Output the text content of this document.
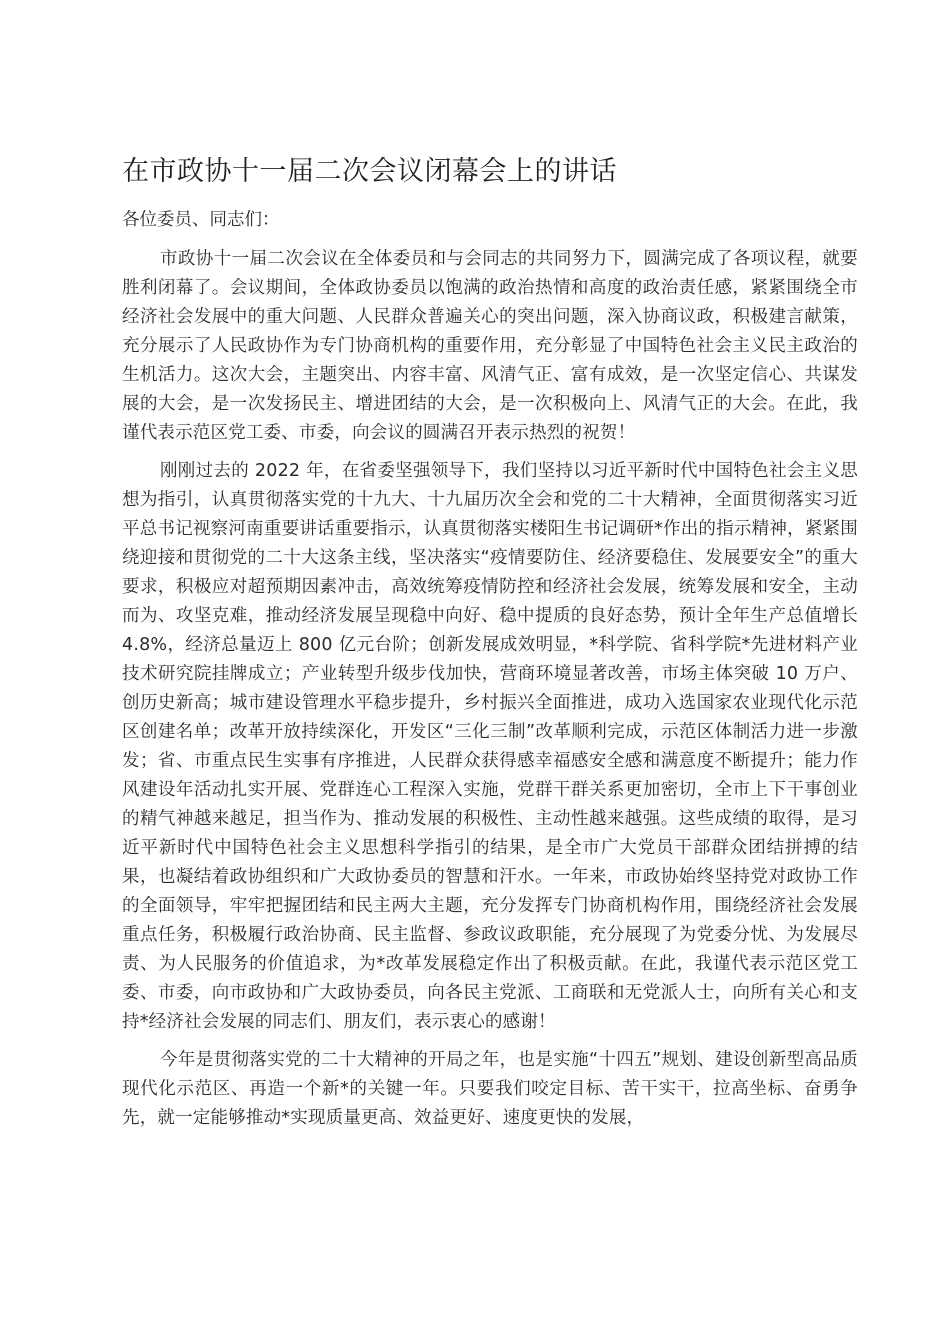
在市政协十一届二次会议闭幕会上的讲话

各位委员、同志们：

市政协十一届二次会议在全体委员和与会同志的共同努力下，圆满完成了各项议程，就要胜利闭幕了。会议期间，全体政协委员以饱满的政治热情和高度的政治责任感，紧紧围绕全市经济社会发展中的重大问题、人民群众普遍关心的突出问题，深入协商议政，积极建言献策，充分展示了人民政协作为专门协商机构的重要作用，充分彰显了中国特色社会主义民主政治的生机活力。这次大会，主题突出、内容丰富、风清气正、富有成效，是一次坚定信心、共谋发展的大会，是一次发扬民主、增进团结的大会，是一次积极向上、风清气正的大会。在此，我谨代表示范区党工委、市委，向会议的圆满召开表示热烈的祝贺！

刚刚过去的 2022 年，在省委坚强领导下，我们坚持以习近平新时代中国特色社会主义思想为指引，认真贯彻落实党的十九大、十九届历次全会和党的二十大精神，全面贯彻落实习近平总书记视察河南重要讲话重要指示，认真贯彻落实楼阳生书记调研*作出的指示精神，紧紧围绕迎接和贯彻党的二十大这条主线，坚决落实“疫情要防住、经济要稳住、发展要安全”的重大要求，积极应对超预期因素冲击，高效统筹疫情防控和经济社会发展，统筹发展和安全，主动而为、攻坚克难，推动经济发展呈现稳中向好、稳中提质的良好态势，预计全年生产总值增长 4.8%，经济总量迈上 800 亿元台阶；创新发展成效明显，*科学院、省科学院*先进材料产业技术研究院挂牌成立；产业转型升级步伐加快，营商环境显著改善，市场主体突破 10 万户、创历史新高；城市建设管理水平稳步提升，乡村振兴全面推进，成功入选国家农业现代化示范区创建名单；改革开放持续深化，开发区“三化三制”改革顺利完成，示范区体制活力进一步激发；省、市重点民生实事有序推进，人民群众获得感幸福感安全感和满意度不断提升；能力作风建设年活动扎实开展、党群连心工程深入实施，党群干群关系更加密切，全市上下干事创业的精气神越来越足，担当作为、推动发展的积极性、主动性越来越强。这些成绩的取得，是习近平新时代中国特色社会主义思想科学指引的结果，是全市广大党员干部群众团结拼搏的结果，也凝结着政协组织和广大政协委员的智慧和汗水。一年来，市政协始终坚持党对政协工作的全面领导，牢牢把握团结和民主两大主题，充分发挥专门协商机构作用，围绕经济社会发展重点任务，积极履行政治协商、民主监督、参政议政职能，充分展现了为党委分忧、为发展尽责、为人民服务的价值追求，为*改革发展稳定作出了积极贡献。在此，我谨代表示范区党工委、市委，向市政协和广大政协委员，向各民主党派、工商联和无党派人士，向所有关心和支持*经济社会发展的同志们、朋友们，表示衷心的感谢！

今年是贯彻落实党的二十大精神的开局之年，也是实施“十四五”规划、建设创新型高品质现代化示范区、再造一个新*的关键一年。只要我们咬定目标、苦干实干，拉高坐标、奋勇争先，就一定能够推动*实现质量更高、效益更好、速度更快的发展，
